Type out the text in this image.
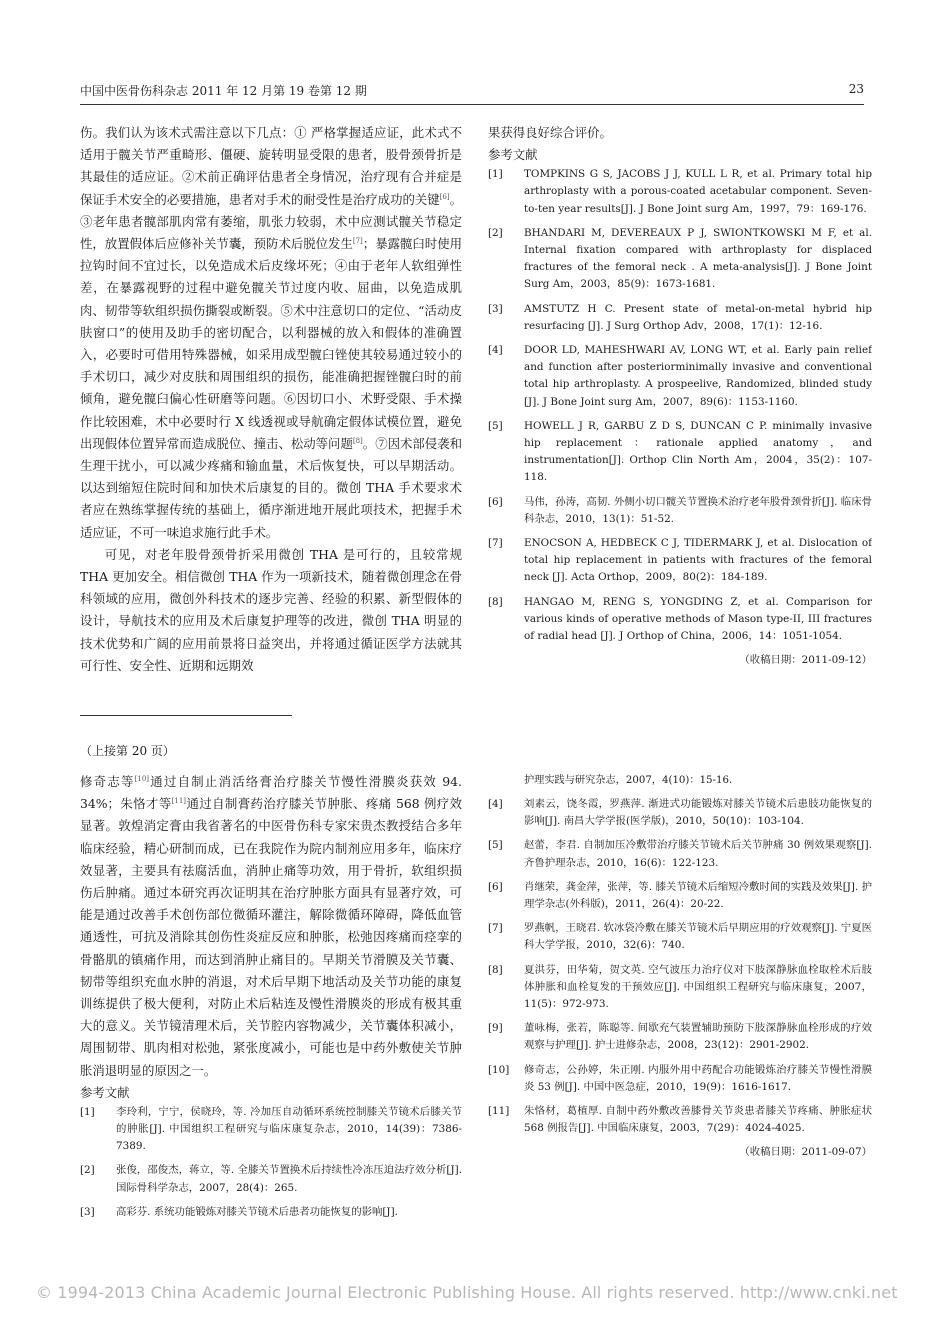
中国中医骨伤科杂志 2011 年 12 月第 19 卷第 12 期	23

伤。我们认为该术式需注意以下几点：① 严格掌握适应证，此术式不适用于髋关节严重畸形、僵硬、旋转明显受限的患者，股骨颈骨折是其最佳的适应证。②术前正确评估患者全身情况，治疗现有合并症是保证手术安全的必要措施，患者对手术的耐受性是治疗成功的关键[6]。③老年患者髋部肌肉常有萎缩，肌张力较弱，术中应测试髋关节稳定性，放置假体后应修补关节囊，预防术后脱位发生[7]；暴露髋臼时使用拉钩时间不宜过长，以免造成术后皮缘坏死；④由于老年人软组弹性差，在暴露视野的过程中避免髋关节过度内收、屈曲，以免造成肌肉、韧带等软组织损伤撕裂或断裂。⑤术中注意切口的定位、“活动皮肤窗口”的使用及助手的密切配合，以利器械的放入和假体的准确置入，必要时可借用特殊器械，如采用成型髋臼锉使其较易通过较小的手术切口，减少对皮肤和周围组织的损伤，能准确把握锉髋臼时的前倾角，避免髋臼偏心性研磨等问题。⑥因切口小、术野受限、手术操作比较困难，术中必要时行 X 线透视或导航确定假体试模位置，避免出现假体位置异常而造成脱位、撞击、松动等问题[8]。⑦因术部侵袭和生理干扰小，可以减少疼痛和输血量，术后恢复快，可以早期活动。以达到缩短住院时间和加快术后康复的目的。微创 THA 手术要求术者应在熟练掌握传统的基础上，循序渐进地开展此项技术，把握手术适应证，不可一味追求施行此手术。

可见，对老年股骨颈骨折采用微创 THA 是可行的，且较常规 THA 更加安全。相信微创 THA 作为一项新技术，随着微创理念在骨科领域的应用，微创外科技术的逐步完善、经验的积累、新型假体的设计，导航技术的应用及术后康复护理等的改进，微创 THA 明显的技术优势和广阔的应用前景将日益突出，并将通过循证医学方法就其可行性、安全性、近期和远期效

果获得良好综合评价。

参考文献

[1]	TOMPKINS G S, JACOBS J J, KULL L R, et al. Primary total hip arthroplasty with a porous-coated acetabular component. Seven-to-ten year results[J]. J Bone Joint surg Am，1997，79：169-176.
[2]	BHANDARI M, DEVEREAUX P J, SWIONTKOWSKI M F, et al. Internal fixation compared with arthroplasty for displaced fractures of the femoral neck . A meta-analysis[J]. J Bone Joint Surg Am，2003，85(9)：1673-1681.
[3]	AMSTUTZ H C. Present state of metal-on-metal hybrid hip resurfacing [J]. J Surg Orthop Adv，2008，17(1)：12-16.
[4]	DOOR LD, MAHESHWARI AV, LONG WT, et al. Early pain relief and function after posteriorminimally invasive and conventional total hip arthroplasty. A prospeelive, Randomized, blinded study [J]. J Bone Joint surg Am，2007，89(6)：1153-1160.
[5]	HOWELL J R, GARBU Z D S, DUNCAN C P. minimally invasive hip replacement：rationale applied anatomy，and instrumentation[J]. Orthop Clin North Am，2004，35(2)：107-118.
[6]	马伟，孙涛，高韧. 外侧小切口髋关节置换术治疗老年股骨颈骨折[J]. 临床骨科杂志，2010，13(1)：51-52.
[7]	ENOCSON A, HEDBECK C J, TIDERMARK J, et al. Dislocation of total hip replacement in patients with fractures of the femoral neck [J]. Acta Orthop，2009，80(2)：184-189.
[8]	HANGAO M, RENG S, YONGDING Z, et al. Comparison for various kinds of operative methods of Mason type-II, III fractures of radial head [J]. J Orthop of China，2006，14：1051-1054.
（收稿日期：2011-09-12）
（上接第 20 页）

修奇志等[10]通过自制止消活络膏治疗膝关节慢性滑膜炎获效 94. 34%；朱恪才等[11]通过自制膏药治疗膝关节肿胀、疼痛 568 例疗效显著。敦煌消定膏由我省著名的中医骨伤科专家宋贵杰教授结合多年临床经验，精心研制而成，已在我院作为院内制剂应用多年，临床疗效显著，主要具有祛腐活血，消肿止痛等功效，用于骨折，软组织损伤后肿痛。通过本研究再次证明其在治疗肿胀方面具有显著疗效，可能是通过改善手术创伤部位微循环灌注，解除微循环障碍，降低血管通透性，可抗及消除其创伤性炎症反应和肿胀，松弛因疼痛而痉挛的骨骼肌的镇痛作用，而达到消肿止痛目的。早期关节滑膜及关节囊、韧带等组织充血水肿的消退，对术后早期下地活动及关节功能的康复训练提供了极大便利，对防止术后粘连及慢性滑膜炎的形成有极其重大的意义。关节镜清理术后，关节腔内容物减少，关节囊体积减小，周围韧带、肌肉相对松弛，紧张度减小，可能也是中药外敷使关节肿胀消退明显的原因之一。

参考文献

[1]	李玲利，宁宁，侯晓玲，等. 冷加压自动循环系统控制膝关节镜术后膝关节的肿胀[J]. 中国组织工程研究与临床康复杂志，2010，14(39)：7386-7389.
[2]	张俊，邵俊杰，蒋立，等. 全膝关节置换术后持续性冷冻压迫法疗效分析[J]. 国际骨科学杂志，2007，28(4)：265.
[3]	高彩芬. 系统功能锻炼对膝关节镜术后患者功能恢复的影响[J].

护理实践与研究杂志，2007，4(10)：15-16.

[4]	刘素云，饶冬霞，罗燕萍. 渐进式功能锻炼对膝关节镜术后患肢功能恢复的影响[J]. 南昌大学学报(医学版)，2010，50(10)：103-104.
[5]	赵蕾，李君. 自制加压冷敷带治疗膝关节镜术后关节肿痛 30 例效果观察[J]. 齐鲁护理杂志，2010，16(6)：122-123.
[6]	肖继荣，龚金萍，张萍，等. 膝关节镜术后缩短冷敷时间的实践及效果[J]. 护理学杂志(外科版)，2011，26(4)：20-22.
[7]	罗燕帆，王晓君. 软冰袋冷敷在膝关节镜术后早期应用的疗效观察[J]. 宁夏医科大学学报，2010，32(6)：740.
[8]	夏洪芬，田华菊，贺文英. 空气波压力治疗仪对下肢深静脉血栓取栓术后肢体肿胀和血栓复发的干预效应[J]. 中国组织工程研究与临床康复，2007，11(5)：972-973.
[9]	董咏梅，张若，陈聪等. 间歇充气装置辅助预防下肢深静脉血栓形成的疗效观察与护理[J]. 护士进修杂志，2008，23(12)：2901-2902.
[10]	修奇志，公孙婷，朱正刚. 内服外用中药配合功能锻炼治疗膝关节慢性滑膜炎 53 例[J]. 中国中医急症，2010，19(9)：1616-1617.
[11]	朱恪材，葛植厚. 自制中药外敷改善膝骨关节炎患者膝关节疼痛、肿胀症状 568 例报告[J]. 中国临床康复，2003，7(29)：4024-4025.
（收稿日期：2011-09-07）
© 1994-2013 China Academic Journal Electronic Publishing House. All rights reserved. http://www.cnki.net
